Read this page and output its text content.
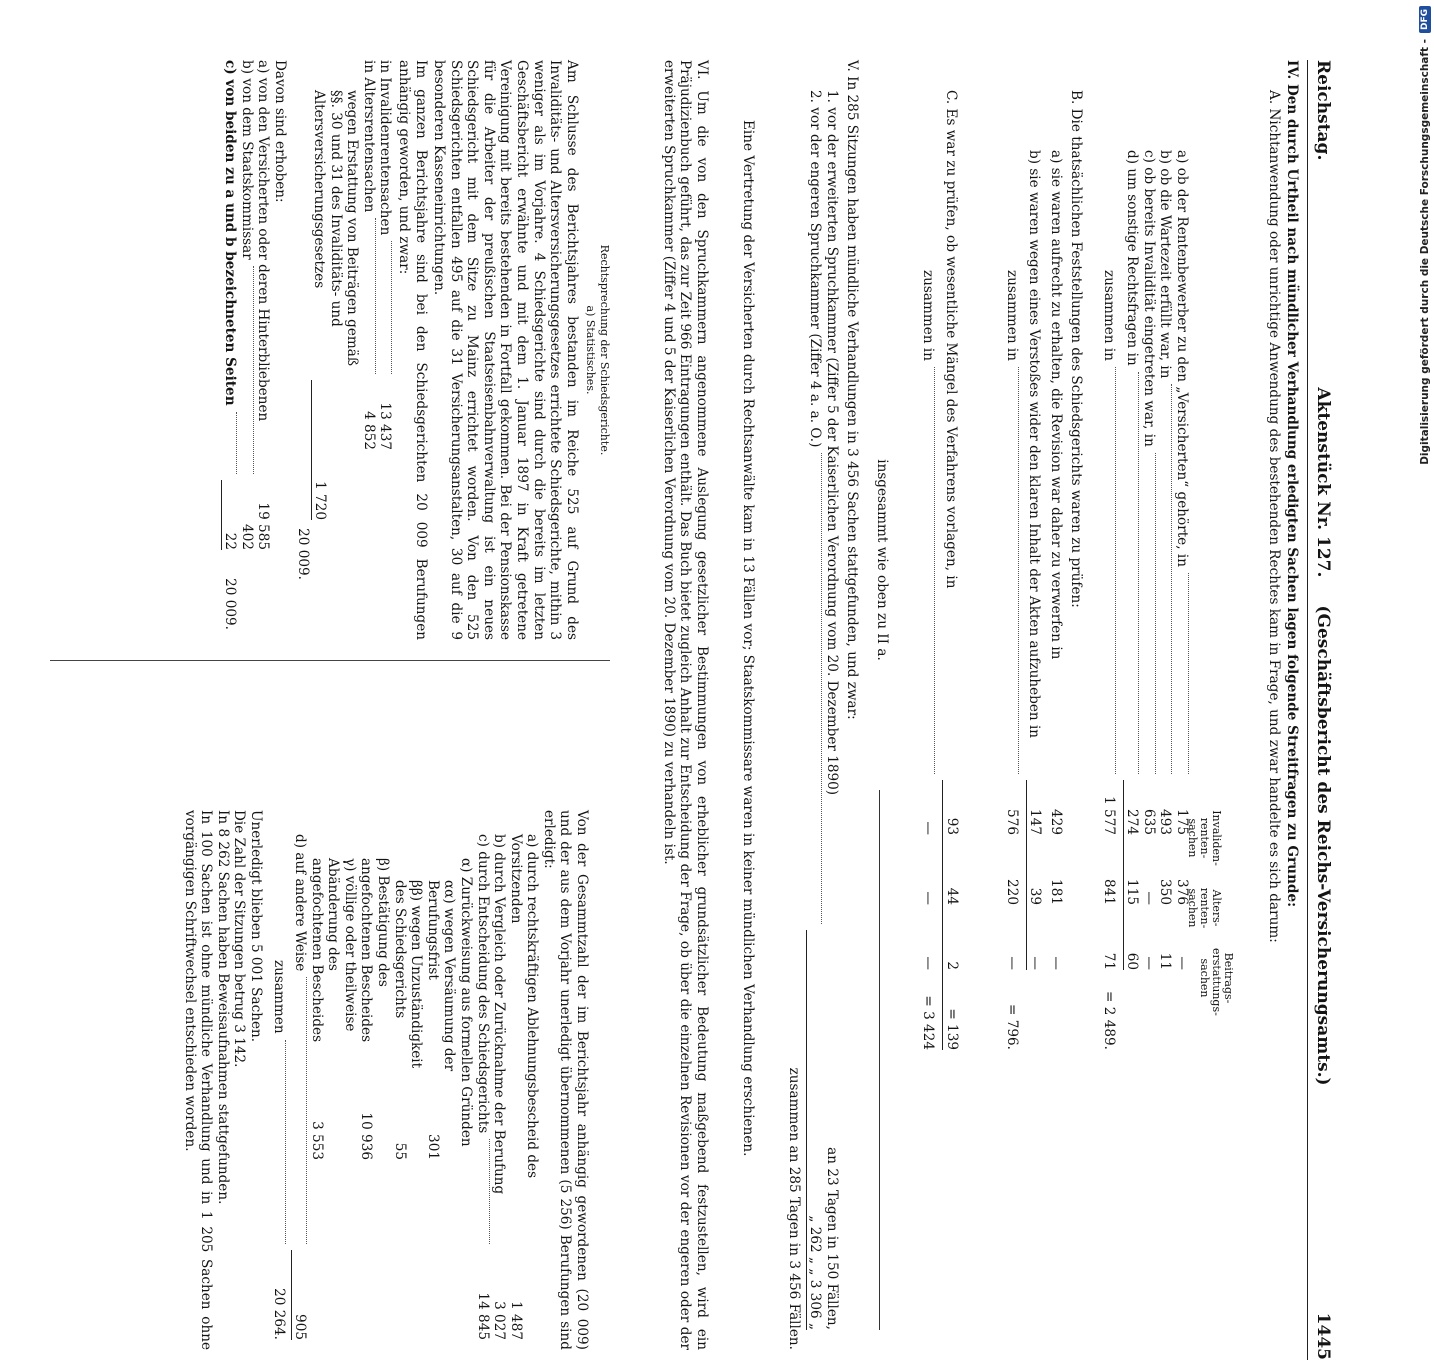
Reichstag.
Aktenstück Nr. 127.
(Geschäftsbericht des Reichs-Versicherungsamts.)
1445
IV. Den durch Urtheil nach mündlicher Verhandlung erledigten Sachen lagen folgende Streitfragen zu Grunde:
A. Nichtanwendung oder unrichtige Anwendung des bestehenden Rechtes kam in Frage, und zwar handelte es sich darum:
Invaliden-renten-sachen
Alters-renten-sachen
Beitrags-erstattungs-sachen
a) ob der Rentenbewerber zu den „Versicherten“ gehörte, in
175
376
—
b) ob die Wartezeit erfüllt war, in
493
350
11
c) ob bereits Invalidität eingetreten war, in
635
—
—
d) um sonstige Rechtsfragen in
274
115
60
zusammen in
1 577
841
71
= 2 489.
B. Die thatsächlichen Feststellungen des Schiedsgerichts waren zu prüfen:
a) sie waren aufrecht zu erhalten, die Revision war daher zu verwerfen in
429
181
—
b) sie waren wegen eines Verstoßes wider den klaren Inhalt der Akten aufzuheben in
147
39
—
zusammen in
576
220
—
= 796.
C. Es war zu prüfen, ob wesentliche Mängel des Verfahrens vorlagen, in
93
44
2
= 139
zusammen in
—
—
—
= 3 424
insgesammt wie oben zu II a.
V. In 285 Sitzungen haben mündliche Verhandlungen in 3 456 Sachen stattgefunden, und zwar:
1. vor der erweiterten Spruchkammer (Ziffer 5 der Kaiserlichen Verordnung vom 20. Dezember 1890)
an 23 Tagen in 150 Fällen,
2. vor der engeren Spruchkammer (Ziffer 4 a. a. O.)
„ 262 „ „ 3 306 „
zusammen an 285 Tagen in 3 456 Fällen.
Eine Vertretung der Versicherten durch Rechtsanwälte kam in 13 Fällen vor; Staatskommissare waren in keiner mündlichen Verhandlung erschienen.
VI. Um die von den Spruchkammern angenommene Auslegung gesetzlicher Bestimmungen von erheblicher grundsätzlicher Bedeutung maßgebend festzustellen, wird ein Präjudizienbuch geführt, das zur Zeit 966 Eintragungen enthält. Das Buch bietet zugleich Anhalt zur Entscheidung der Frage, ob über die einzelnen Revisionen vor der engeren oder der erweiterten Spruchkammer (Ziffer 4 und 5 der Kaiserlichen Verordnung vom 20. Dezember 1890) zu verhandeln ist.
Rechtsprechung der Schiedsgerichte.
a) Statistisches.
Am Schlusse des Berichtsjahres bestanden im Reiche 525 auf Grund des Invaliditäts- und Altersversicherungsgesetzes errichtete Schiedsgerichte, mithin 3 weniger als im Vorjahre. 4 Schiedsgerichte sind durch die bereits im letzten Geschäftsbericht erwähnte und mit dem 1. Januar 1897 in Kraft getretene Vereinigung mit bereits bestehenden in Fortfall gekommen. Bei der Pensionskasse für die Arbeiter der preußischen Staatseisenbahnverwaltung ist ein neues Schiedsgericht mit dem Sitze zu Mainz errichtet worden. Von den 525 Schiedsgerichten entfallen 495 auf die 31 Versicherungsanstalten, 30 auf die 9 besonderen Kasseneinrichtungen.
Im ganzen Berichtsjahre sind bei den Schiedsgerichten 20 009 Berufungen anhängig geworden, und zwar:
in Invalidenrentensachen
13 437
in Altersrentensachen
4 852
wegen Erstattung von Beiträgen gemäß §§. 30 und 31 des Invaliditäts- und Altersversicherungsgesetzes
1 720
20 009.
Davon sind erhoben:
a) von den Versicherten oder deren Hinterbliebenen
19 585
b) von dem Staatskommissar
402
c) von beiden zu a und b bezeichneten Seiten
22
20 009.
Von der Gesammtzahl der im Berichtsjahr anhängig gewordenen (20 009) und der aus dem Vorjahr unerledigt übernommenen (5 256) Berufungen sind erledigt:
a) durch rechtskräftigen Ablehnungsbescheid des Vorsitzenden
1 487
b) durch Vergleich oder Zurücknahme der Berufung
3 027
c) durch Entscheidung des Schiedsgerichts
14 845
α) Zurückweisung aus formellen Gründen
αα) wegen Versäumung der Berufungsfrist
301
ββ) wegen Unzuständigkeit des Schiedsgerichts
55
β) Bestätigung des angefochtenen Bescheides
10 936
γ) völlige oder theilweise Abänderung des angefochtenen Bescheides
3 553
d) auf andere Weise
905
zusammen
20 264.
Unerledigt blieben 5 001 Sachen.
Die Zahl der Sitzungen betrug 3 142.
In 8 262 Sachen haben Beweisaufnahmen stattgefunden.
In 100 Sachen ist ohne mündliche Verhandlung und in 1 205 Sachen ohne vorgängigen Schriftwechsel entschieden worden.
Digitalisierung gefördert durch die Deutsche Forschungsgemeinschaft -
DFG
